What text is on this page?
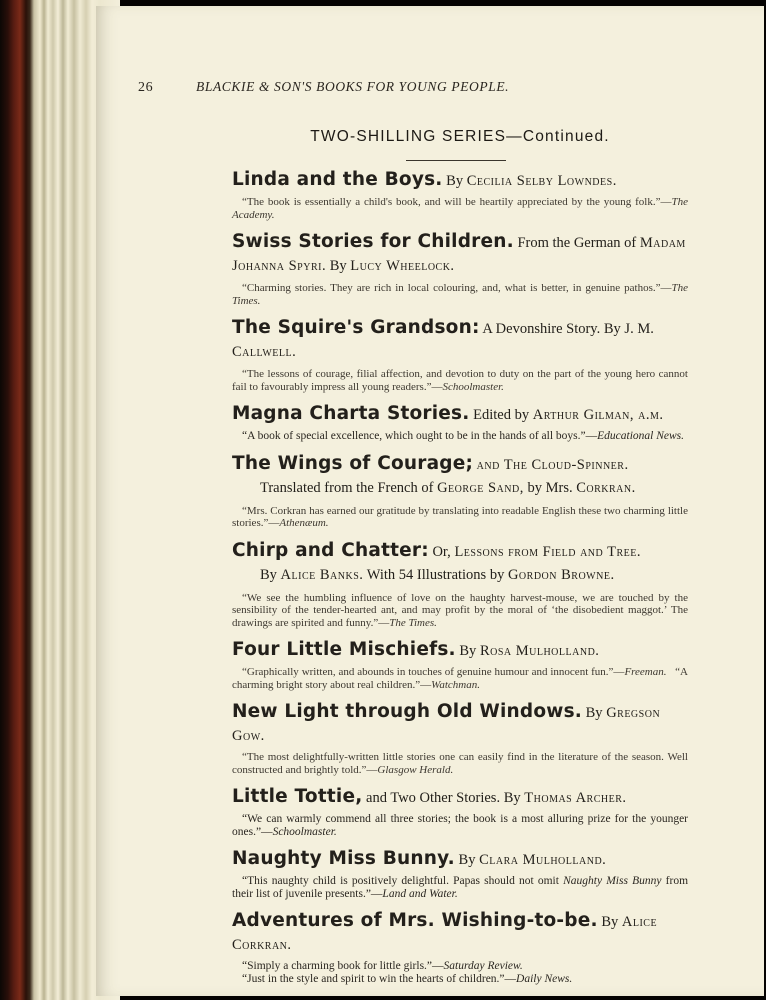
26	BLACKIE & SON'S BOOKS FOR YOUNG PEOPLE.
TWO-SHILLING SERIES—Continued.
Linda and the Boys. By Cecilia Selby Lowndes.
“The book is essentially a child's book, and will be heartily appreciated by the young folk.”—The Academy.
Swiss Stories for Children. From the German of Madam Johanna Spyri. By Lucy Wheelock.
“Charming stories. They are rich in local colouring, and, what is better, in genuine pathos.”—The Times.
The Squire's Grandson: A Devonshire Story. By J. M. Callwell.
“The lessons of courage, filial affection, and devotion to duty on the part of the young hero cannot fail to favourably impress all young readers.”—Schoolmaster.
Magna Charta Stories. Edited by Arthur Gilman, a.m.
“A book of special excellence, which ought to be in the hands of all boys.”—Educational News.
The Wings of Courage; and The Cloud-Spinner.
Translated from the French of George Sand, by Mrs. Corkran.
“Mrs. Corkran has earned our gratitude by translating into readable English these two charming little stories.”—Athenæum.
Chirp and Chatter: Or, Lessons from Field and Tree.
By Alice Banks. With 54 Illustrations by Gordon Browne.
“We see the humbling influence of love on the haughty harvest-mouse, we are touched by the sensibility of the tender-hearted ant, and may profit by the moral of ‘the disobedient maggot.’ The drawings are spirited and funny.”—The Times.
Four Little Mischiefs. By Rosa Mulholland.
“Graphically written, and abounds in touches of genuine humour and innocent fun.”—Freeman. “A charming bright story about real children.”—Watchman.
New Light through Old Windows. By Gregson Gow.
“The most delightfully-written little stories one can easily find in the literature of the season. Well constructed and brightly told.”—Glasgow Herald.
Little Tottie, and Two Other Stories. By Thomas Archer.
“We can warmly commend all three stories; the book is a most alluring prize for the younger ones.”—Schoolmaster.
Naughty Miss Bunny. By Clara Mulholland.
“This naughty child is positively delightful. Papas should not omit Naughty Miss Bunny from their list of juvenile presents.”—Land and Water.
Adventures of Mrs. Wishing-to-be. By Alice Corkran.
“Simply a charming book for little girls.”—Saturday Review.
“Just in the style and spirit to win the hearts of children.”—Daily News.
